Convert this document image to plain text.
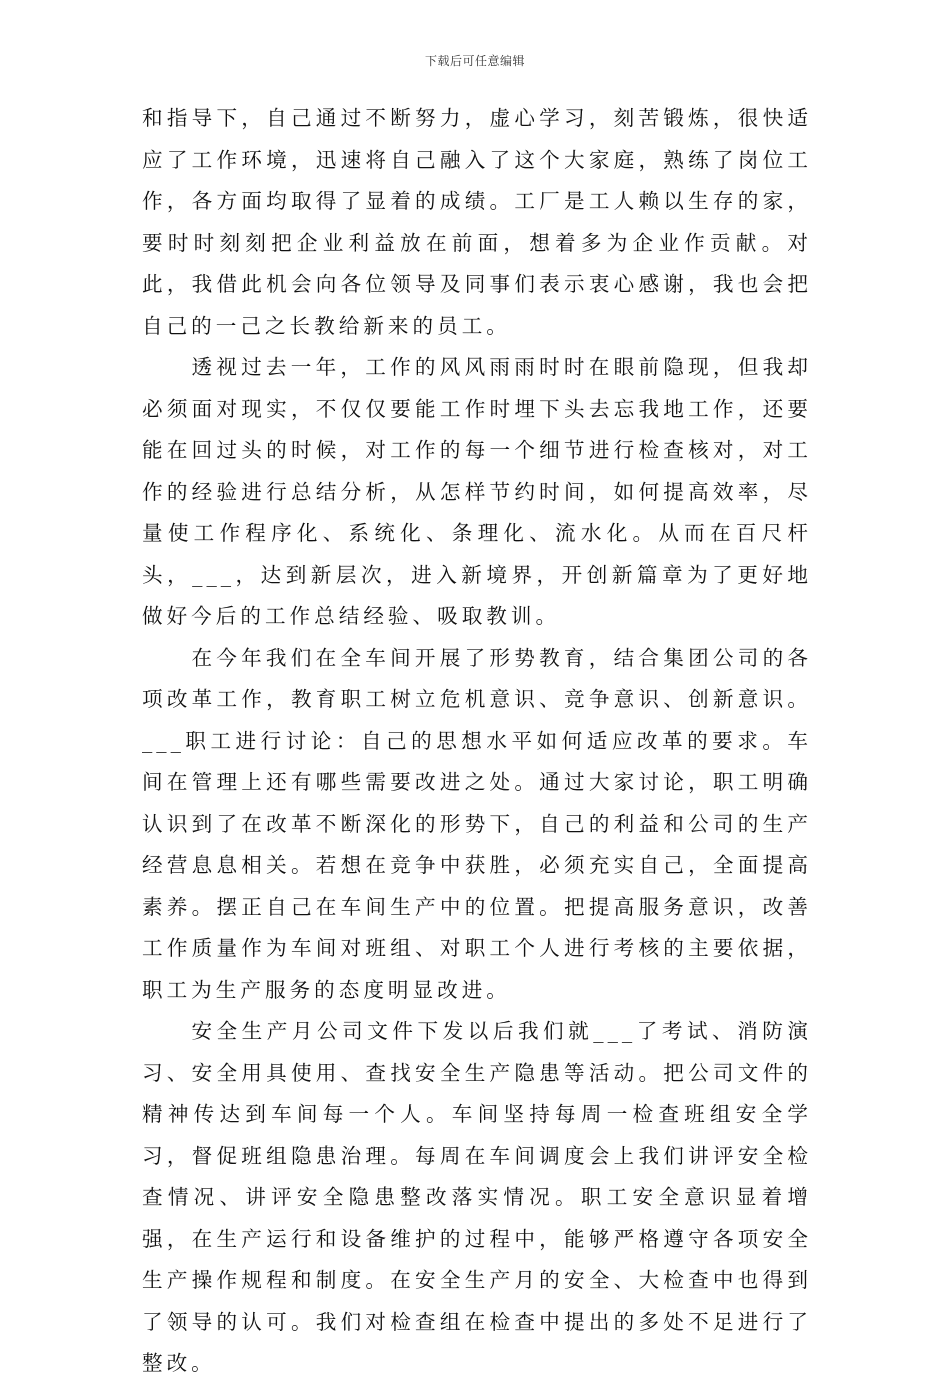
下载后可任意编辑

和指导下，自己通过不断努力，虚心学习，刻苦锻炼，很快适应了工作环境，迅速将自己融入了这个大家庭，熟练了岗位工作，各方面均取得了显着的成绩。工厂是工人赖以生存的家，要时时刻刻把企业利益放在前面，想着多为企业作贡献。对此，我借此机会向各位领导及同事们表示衷心感谢，我也会把自己的一己之长教给新来的员工。

透视过去一年，工作的风风雨雨时时在眼前隐现，但我却必须面对现实，不仅仅要能工作时埋下头去忘我地工作，还要能在回过头的时候，对工作的每一个细节进行检查核对，对工作的经验进行总结分析，从怎样节约时间，如何提高效率，尽量使工作程序化、系统化、条理化、流水化。从而在百尺杆头，___，达到新层次，进入新境界，开创新篇章为了更好地做好今后的工作总结经验、吸取教训。

在今年我们在全车间开展了形势教育，结合集团公司的各项改革工作，教育职工树立危机意识、竞争意识、创新意识。___职工进行讨论：自己的思想水平如何适应改革的要求。车间在管理上还有哪些需要改进之处。通过大家讨论，职工明确认识到了在改革不断深化的形势下，自己的利益和公司的生产经营息息相关。若想在竞争中获胜，必须充实自己，全面提高素养。摆正自己在车间生产中的位置。把提高服务意识，改善工作质量作为车间对班组、对职工个人进行考核的主要依据，职工为生产服务的态度明显改进。

安全生产月公司文件下发以后我们就___了考试、消防演习、安全用具使用、查找安全生产隐患等活动。把公司文件的精神传达到车间每一个人。车间坚持每周一检查班组安全学习，督促班组隐患治理。每周在车间调度会上我们讲评安全检查情况、讲评安全隐患整改落实情况。职工安全意识显着增强，在生产运行和设备维护的过程中，能够严格遵守各项安全生产操作规程和制度。在安全生产月的安全、大检查中也得到了领导的认可。我们对检查组在检查中提出的多处不足进行了整改。
